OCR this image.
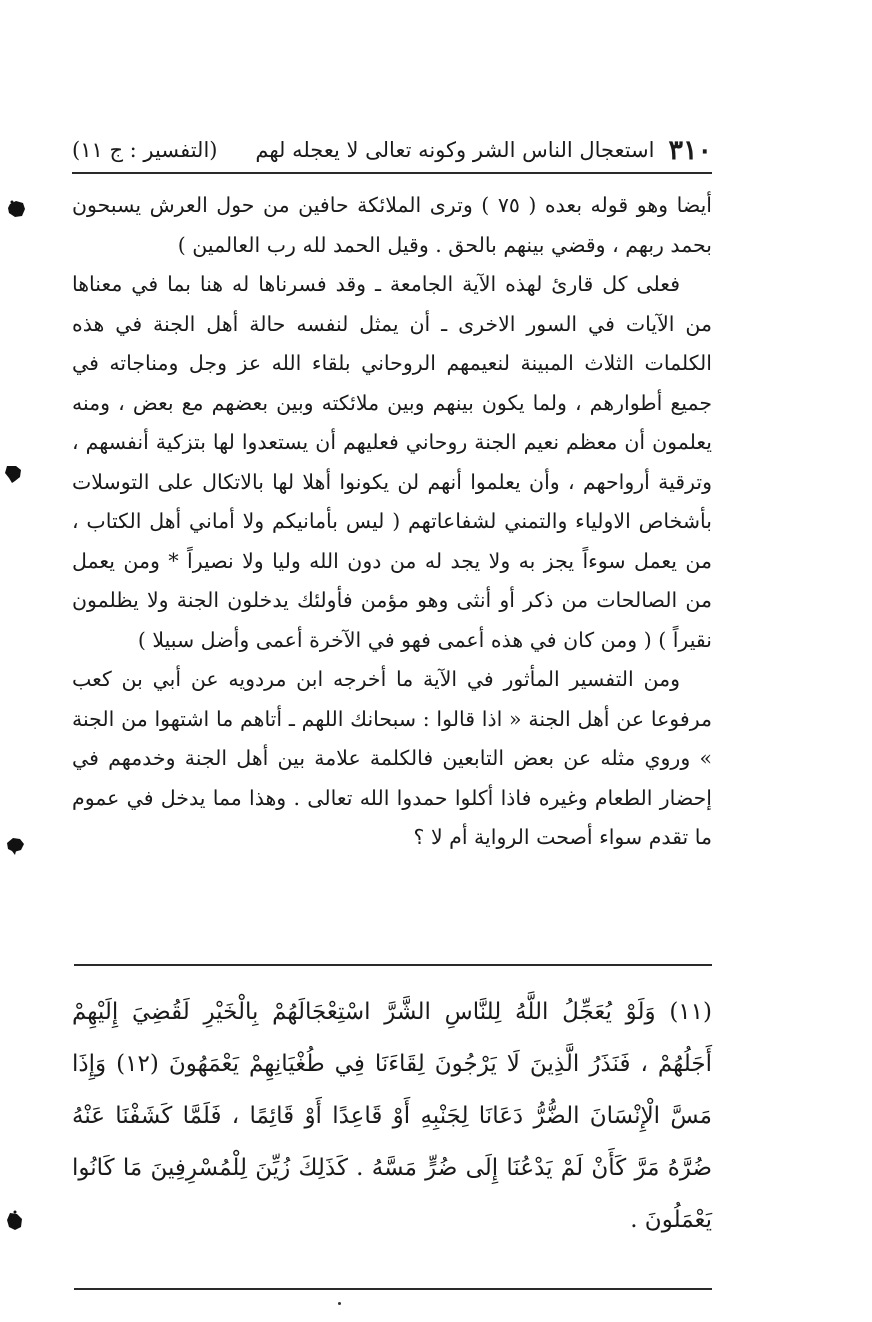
٣١٠
استعجال الناس الشر وكونه تعالى لا يعجله لهم
(التفسير : ج ١١)

أيضا وهو قوله بعده ( ٧٥ ) وترى الملائكة حافين من حول العرش يسبحون بحمد ربهم ، وقضي بينهم بالحق . وقيل الحمد لله رب العالمين )

فعلى كل قارئ لهذه الآية الجامعة ـ وقد فسرناها له هنا بما في معناها من الآيات في السور الاخرى ـ أن يمثل لنفسه حالة أهل الجنة في هذه الكلمات الثلاث المبينة لنعيمهم الروحاني بلقاء الله عز وجل ومناجاته في جميع أطوارهم ، ولما يكون بينهم وبين ملائكته وبين بعضهم مع بعض ، ومنه يعلمون أن معظم نعيم الجنة روحاني فعليهم أن يستعدوا لها بتزكية أنفسهم ، وترقية أرواحهم ، وأن يعلموا أنهم لن يكونوا أهلا لها بالاتكال على التوسلات بأشخاص الاولياء والتمني لشفاعاتهم ( ليس بأمانيكم ولا أماني أهل الكتاب ، من يعمل سوءاً يجز به ولا يجد له من دون الله وليا ولا نصيراً * ومن يعمل من الصالحات من ذكر أو أنثى وهو مؤمن فأولئك يدخلون الجنة ولا يظلمون نقيراً ) ( ومن كان في هذه أعمى فهو في الآخرة أعمى وأضل سبيلا )

ومن التفسير المأثور في الآية ما أخرجه ابن مردويه عن أبي بن كعب مرفوعا عن أهل الجنة « اذا قالوا : سبحانك اللهم ـ أتاهم ما اشتهوا من الجنة » وروي مثله عن بعض التابعين فالكلمة علامة بين أهل الجنة وخدمهم في إحضار الطعام وغيره فاذا أكلوا حمدوا الله تعالى . وهذا مما يدخل في عموم ما تقدم سواء أصحت الرواية أم لا ؟

(١١) وَلَوْ يُعَجِّلُ اللَّهُ لِلنَّاسِ الشَّرَّ اسْتِعْجَالَهُمْ بِالْخَيْرِ لَقُضِيَ إِلَيْهِمْ أَجَلُهُمْ ، فَنَذَرُ الَّذِينَ لَا يَرْجُونَ لِقَاءَنَا فِي طُغْيَانِهِمْ يَعْمَهُونَ (١٢) وَإِذَا مَسَّ الْإِنْسَانَ الضُّرُّ دَعَانَا لِجَنْبِهِ أَوْ قَاعِدًا أَوْ قَائِمًا ، فَلَمَّا كَشَفْنَا عَنْهُ ضُرَّهُ مَرَّ كَأَنْ لَمْ يَدْعُنَا إِلَى ضُرٍّ مَسَّهُ . كَذَلِكَ زُيِّنَ لِلْمُسْرِفِينَ مَا كَانُوا يَعْمَلُونَ .
